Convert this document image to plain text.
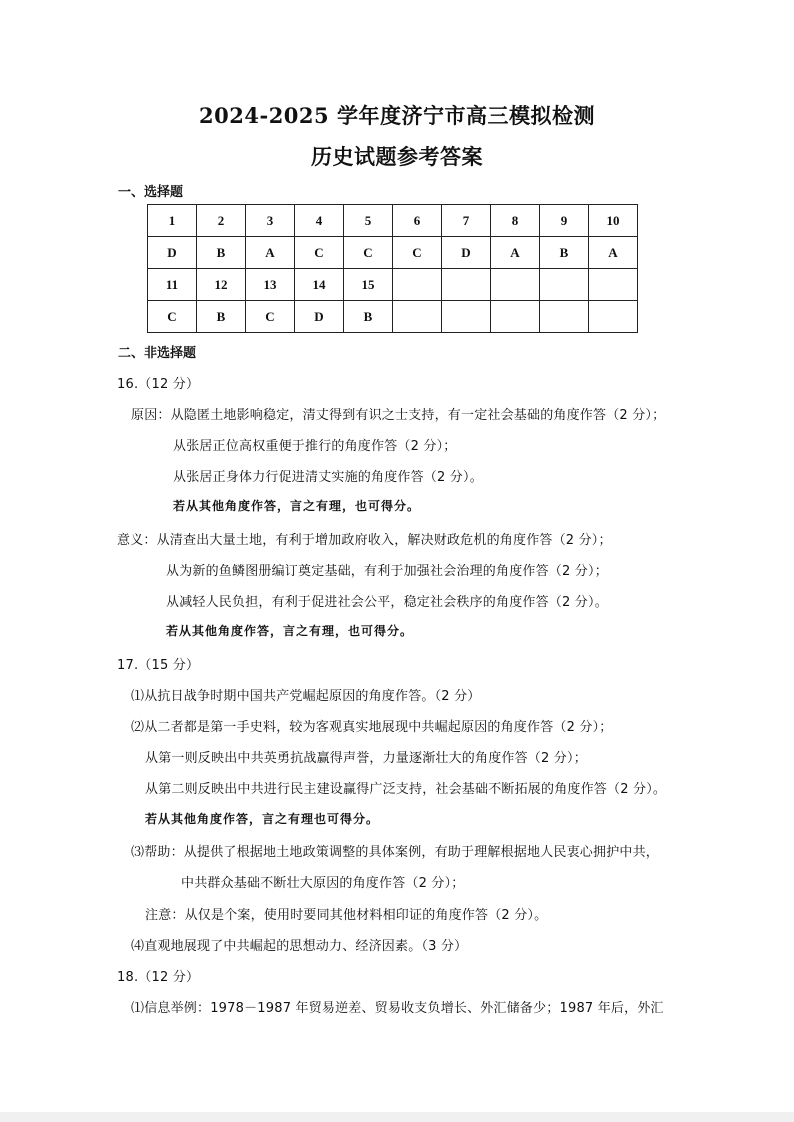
2024-2025 学年度济宁市高三模拟检测
历史试题参考答案
一、选择题
1	2	3	4	5	6	7	8	9	10
D	B	A	C	C	C	D	A	B	A
11	12	13	14	15					
C	B	C	D	B					
二、非选择题
16.（12 分）
原因：从隐匿土地影响稳定，清丈得到有识之士支持，有一定社会基础的角度作答（2 分）；
从张居正位高权重便于推行的角度作答（2 分）；
从张居正身体力行促进清丈实施的角度作答（2 分）。
若从其他角度作答，言之有理，也可得分。
意义：从清查出大量土地，有利于增加政府收入，解决财政危机的角度作答（2 分）；
从为新的鱼鳞图册编订奠定基础，有利于加强社会治理的角度作答（2 分）；
从减轻人民负担，有利于促进社会公平，稳定社会秩序的角度作答（2 分）。
若从其他角度作答，言之有理，也可得分。
17.（15 分）
⑴从抗日战争时期中国共产党崛起原因的角度作答。（2 分）
⑵从二者都是第一手史料，较为客观真实地展现中共崛起原因的角度作答（2 分）；
从第一则反映出中共英勇抗战赢得声誉，力量逐渐壮大的角度作答（2 分）；
从第二则反映出中共进行民主建设赢得广泛支持，社会基础不断拓展的角度作答（2 分）。
若从其他角度作答，言之有理也可得分。
⑶帮助：从提供了根据地土地政策调整的具体案例，有助于理解根据地人民衷心拥护中共，
中共群众基础不断壮大原因的角度作答（2 分）；
注意：从仅是个案，使用时要同其他材料相印证的角度作答（2 分）。
⑷直观地展现了中共崛起的思想动力、经济因素。（3 分）
18.（12 分）
⑴信息举例：1978－1987 年贸易逆差、贸易收支负增长、外汇储备少；1987 年后，外汇
